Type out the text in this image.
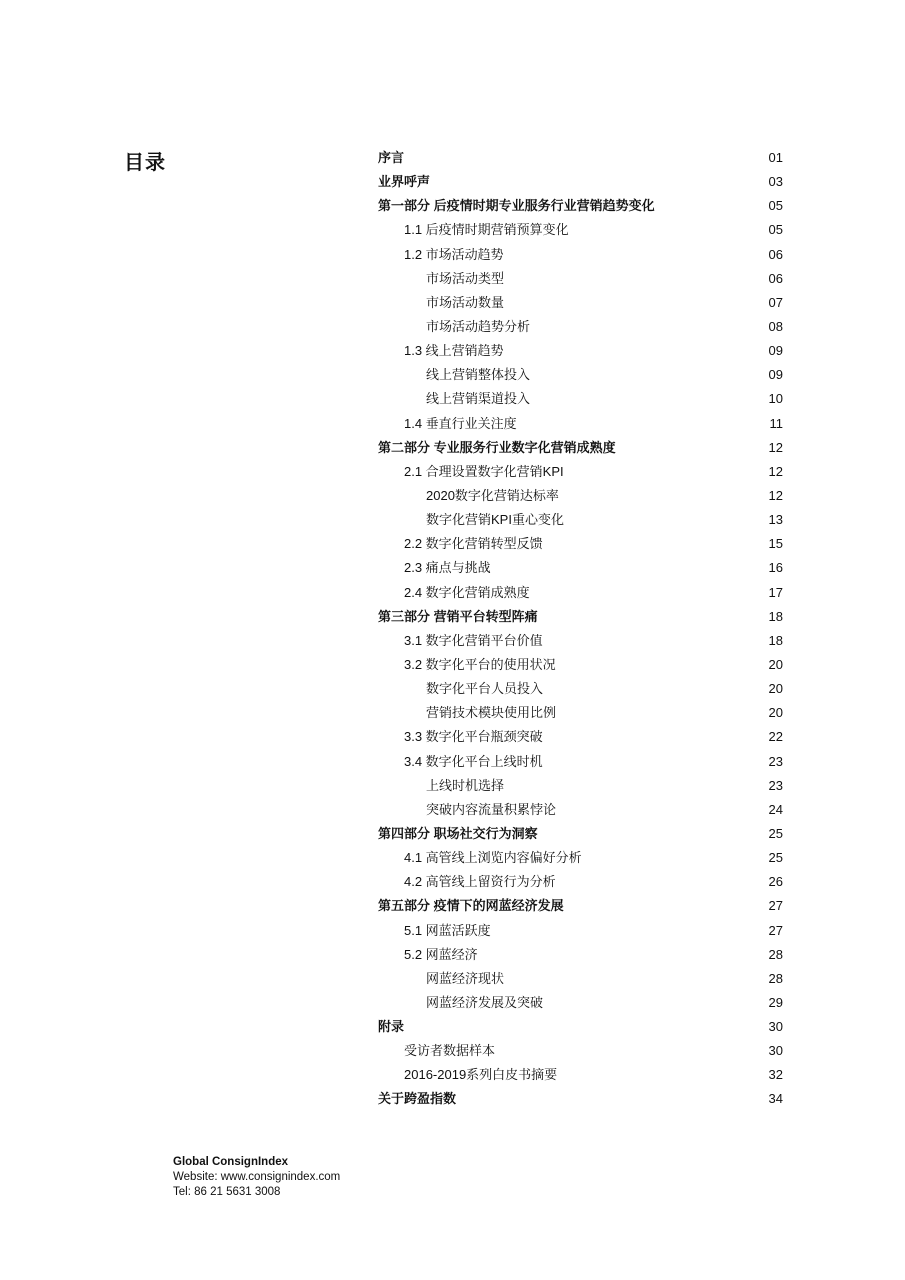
目录	序言	01
业界呼声	03
第一部分 后疫情时期专业服务行业营销趋势变化	05
1.1 后疫情时期营销预算变化	05
1.2 市场活动趋势	06
市场活动类型	06
市场活动数量	07
市场活动趋势分析	08
1.3 线上营销趋势	09
线上营销整体投入	09
线上营销渠道投入	10
1.4 垂直行业关注度	11
第二部分 专业服务行业数字化营销成熟度	12
2.1 合理设置数字化营销KPI	12
2020数字化营销达标率	12
数字化营销KPI重心变化	13
2.2 数字化营销转型反馈	15
2.3 痛点与挑战	16
2.4 数字化营销成熟度	17
第三部分 营销平台转型阵痛	18
3.1 数字化营销平台价值	18
3.2 数字化平台的使用状况	20
数字化平台人员投入	20
营销技术模块使用比例	20
3.3 数字化平台瓶颈突破	22
3.4 数字化平台上线时机	23
上线时机选择	23
突破内容流量积累悖论	24
第四部分 职场社交行为洞察	25
4.1 高管线上浏览内容偏好分析	25
4.2 高管线上留资行为分析	26
第五部分 疫情下的网蓝经济发展	27
5.1 网蓝活跃度	27
5.2 网蓝经济	28
网蓝经济现状	28
网蓝经济发展及突破	29
附录	30
受访者数据样本	30
2016-2019系列白皮书摘要	32
关于跨盈指数	34
Global ConsignIndex
Website: www.consignindex.com
Tel: 86 21 5631 3008
